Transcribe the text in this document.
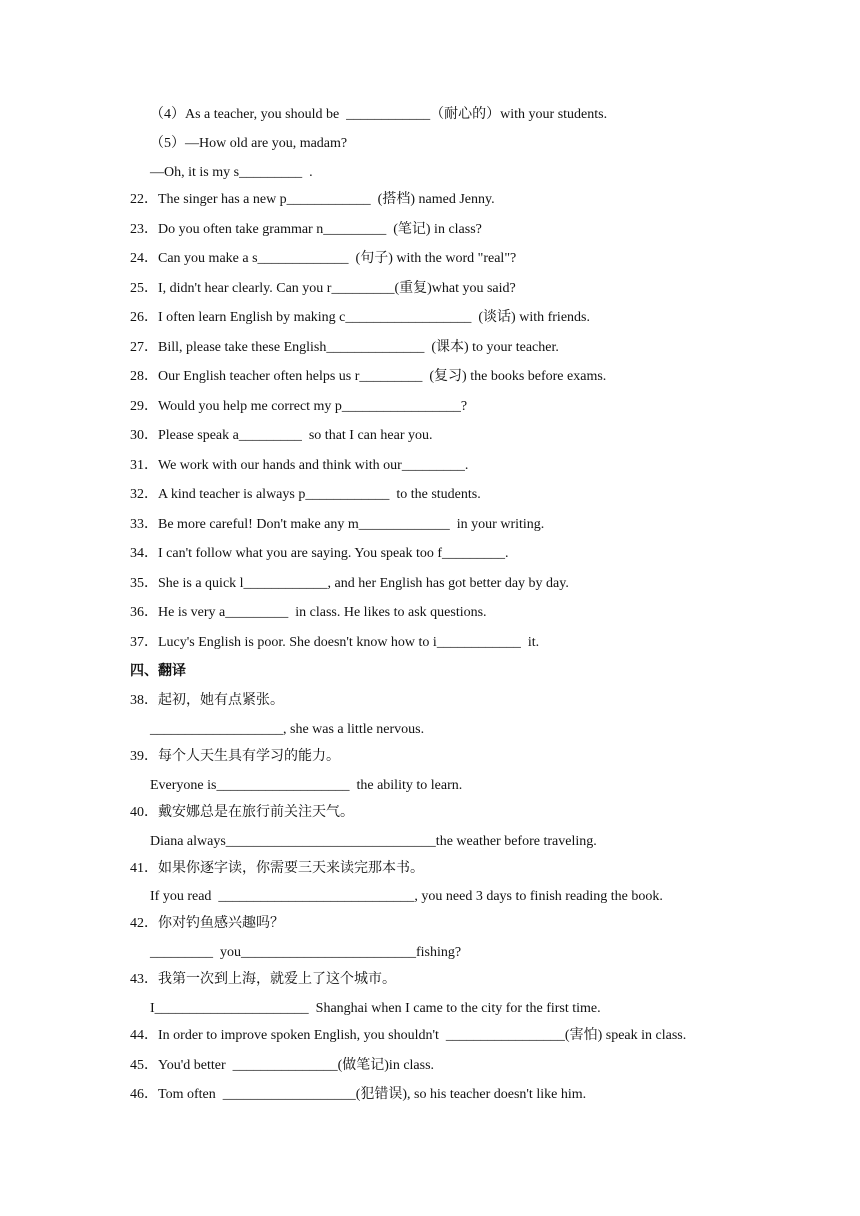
（4）As a teacher, you should be  ____________（耐心的）with your students.
（5）—How old are you, madam?
—Oh, it is my s_________  .
22．The singer has a new p____________  (搭档) named Jenny.
23．Do you often take grammar n_________  (笔记) in class?
24．Can you make a s_____________  (句子) with the word "real"?
25．I, didn't hear clearly. Can you r_________(重复)what you said?
26．I often learn English by making c__________________  (谈话) with friends.
27．Bill, please take these English______________  (课本) to your teacher.
28．Our English teacher often helps us r_________  (复习) the books before exams.
29．Would you help me correct my p_________________?
30．Please speak a_________  so that I can hear you.
31．We work with our hands and think with our_________.
32．A kind teacher is always p____________  to the students.
33．Be more careful! Don't make any m_____________  in your writing.
34．I can't follow what you are saying. You speak too f_________.
35．She is a quick l____________, and her English has got better day by day.
36．He is very a_________  in class. He likes to ask questions.
37．Lucy's English is poor. She doesn't know how to i____________  it.
四、翻译
38．起初，她有点紧张。
___________________, she was a little nervous.
39．每个人天生具有学习的能力。
Everyone is___________________  the ability to learn.
40．戴安娜总是在旅行前关注天气。
Diana always______________________________the weather before traveling.
41．如果你逐字读，你需要三天来读完那本书。
If you read  ____________________________, you need 3 days to finish reading the book.
42．你对钓鱼感兴趣吗？
_________  you_________________________fishing?
43．我第一次到上海，就爱上了这个城市。
I______________________  Shanghai when I came to the city for the first time.
44．In order to improve spoken English, you shouldn't  _________________(害怕) speak in class.
45．You'd better  _______________(做笔记)in class.
46．Tom often  ___________________(犯错误), so his teacher doesn't like him.
